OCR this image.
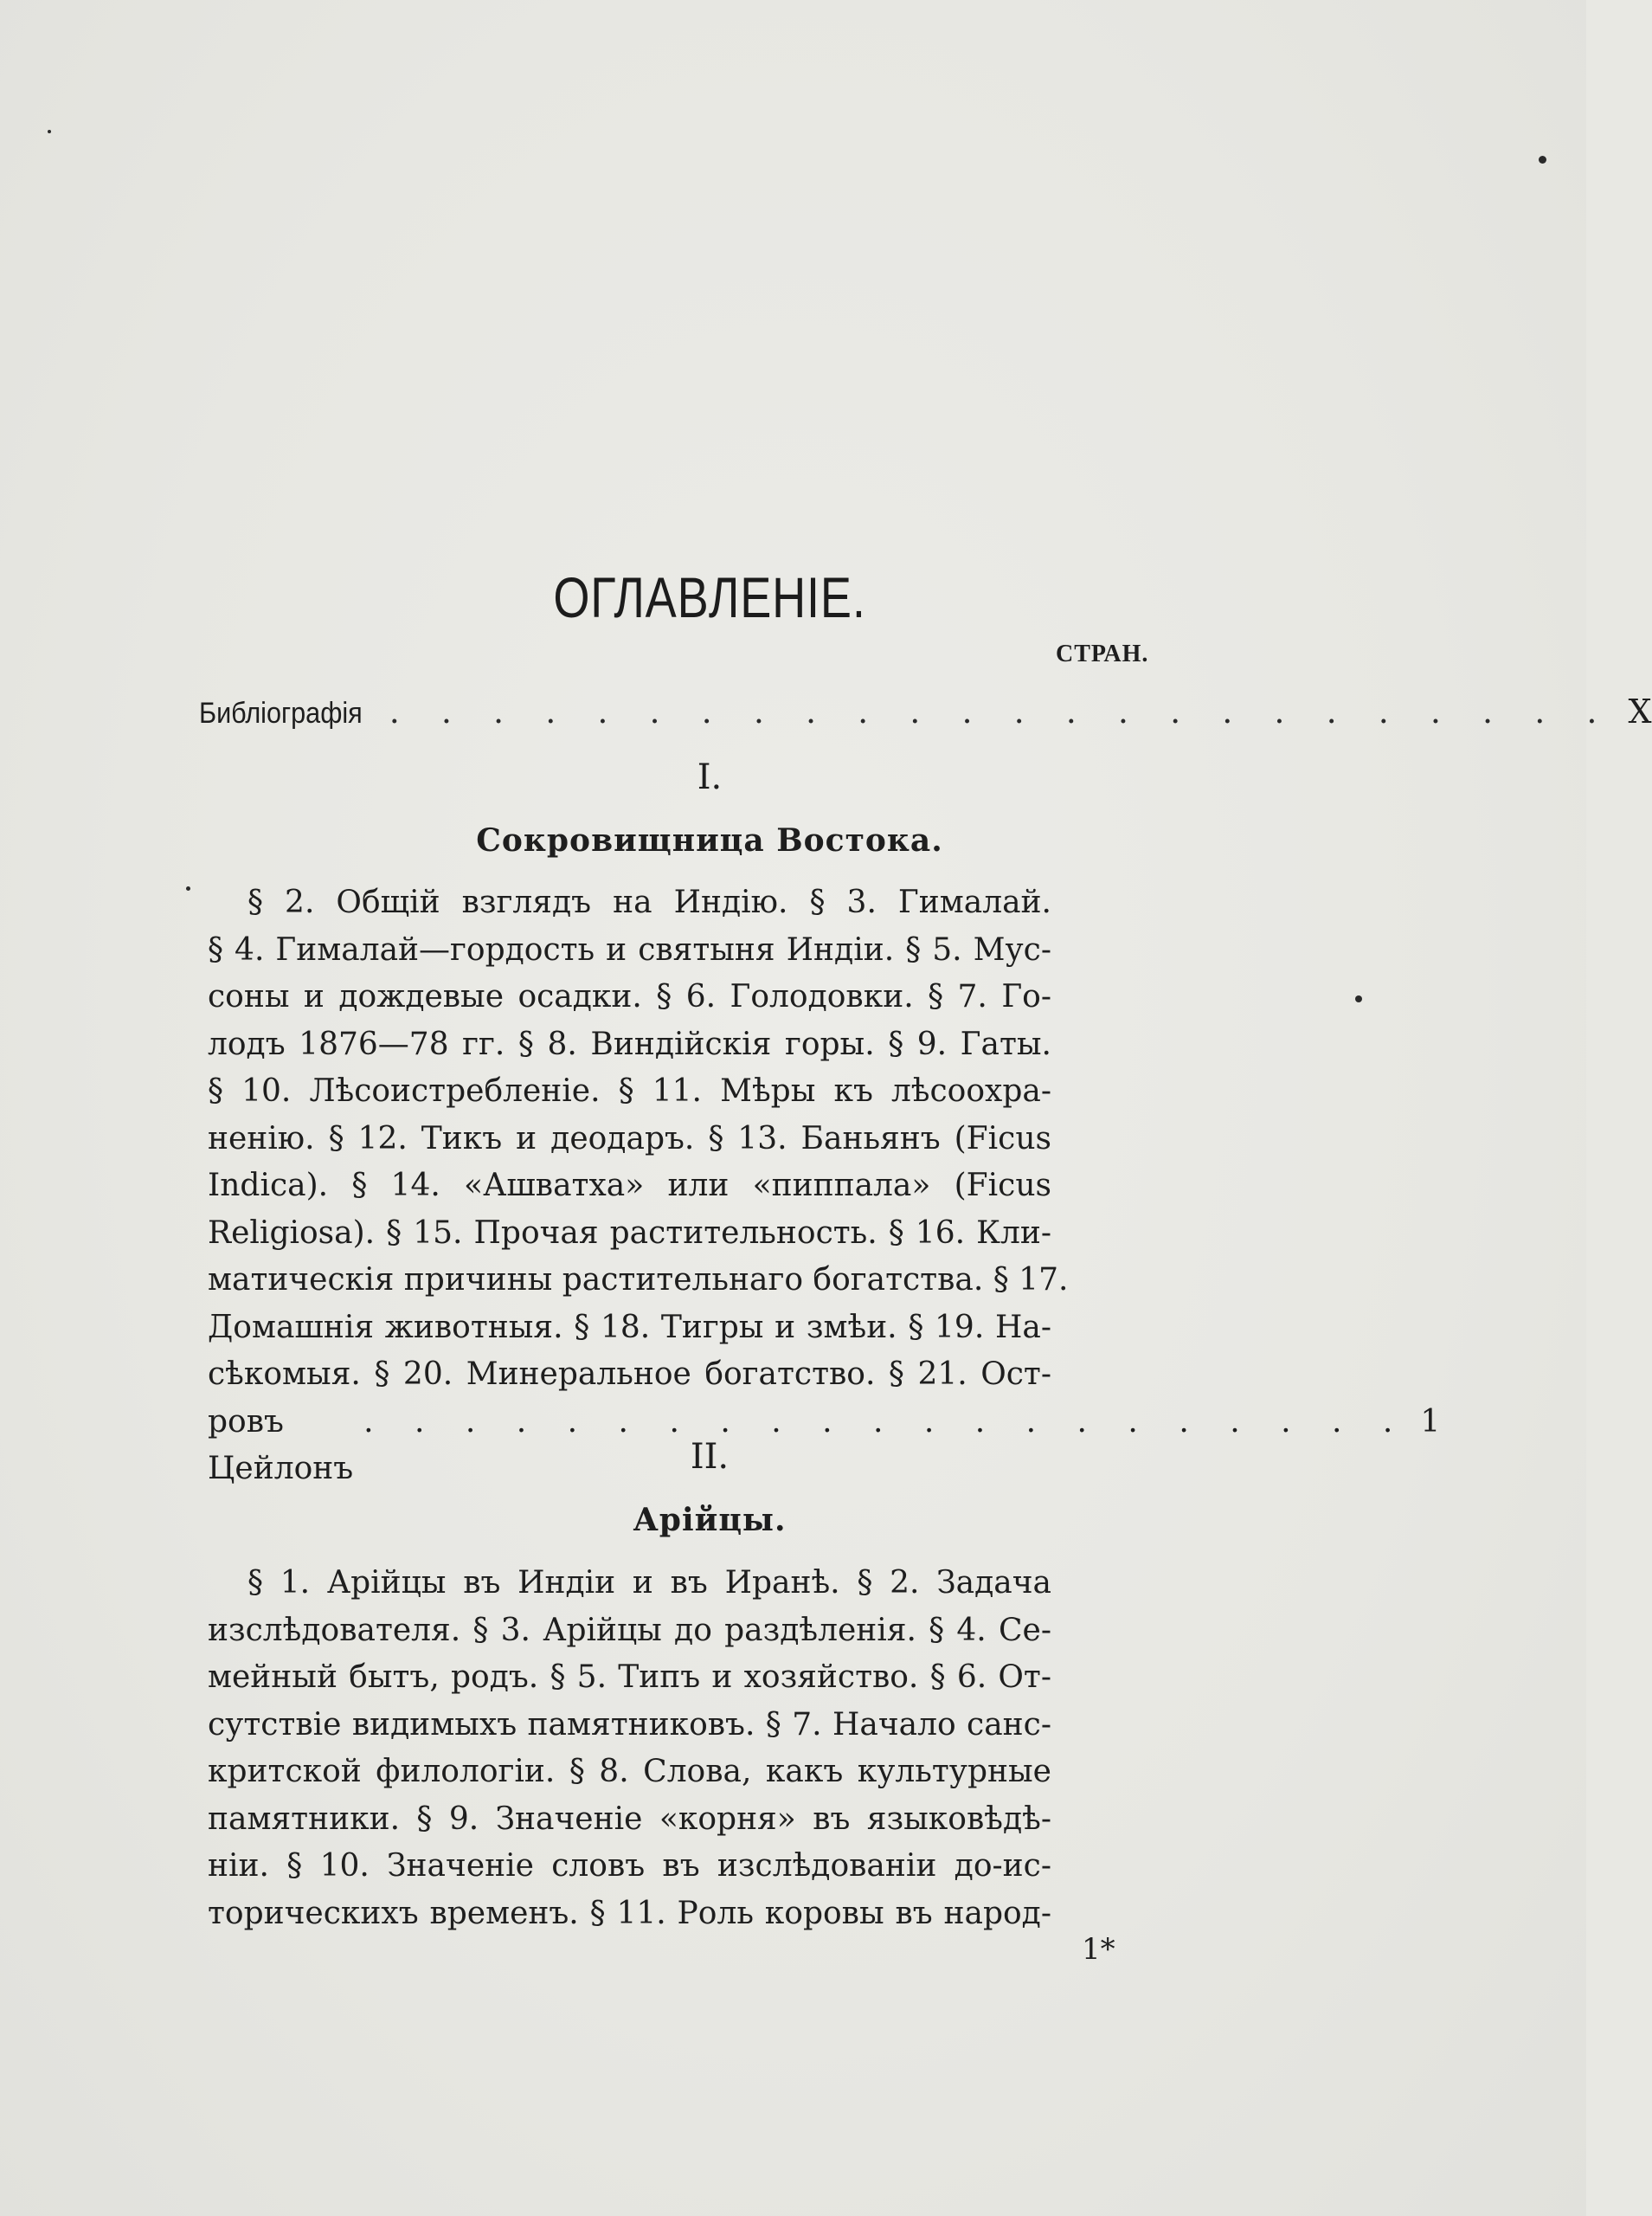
ОГЛАВЛЕНІЕ.
СТРАН.
Библіографія . . . . . . . . . . . . . . . . . . . . . . . . X
I.
Сокровищница Востока.
§ 2. Общій взглядъ на Индію. § 3. Гималай.
§ 4. Гималай—гордость и святыня Индіи. § 5. Мус-
соны и дождевые осадки. § 6. Голодовки. § 7. Го-
лодъ 1876—78 гг. § 8. Виндійскія горы. § 9. Гаты.
§ 10. Лѣсоистребленіе. § 11. Мѣры къ лѣсоохра-
ненію. § 12. Тикъ и деодаръ. § 13. Баньянъ (Ficus
Indica). § 14. «Ашватха» или «пиппала» (Ficus
Religiosa). § 15. Прочая растительность. § 16. Кли-
матическія причины растительнаго богатства. § 17.
Домашнія животныя. § 18. Тигры и змѣи. § 19. На-
сѣкомыя. § 20. Минеральное богатство. § 21. Ост-
ровъ Цейлонъ
. . . . . . . . . . . . . . . . . . . . . 1
II.
Арійцы.
§ 1. Арійцы въ Индіи и въ Иранѣ. § 2. Задача
изслѣдователя. § 3. Арійцы до раздѣленія. § 4. Се-
мейный бытъ, родъ. § 5. Типъ и хозяйство. § 6. От-
сутствіе видимыхъ памятниковъ. § 7. Начало санс-
критской филологіи. § 8. Слова, какъ культурные
памятники. § 9. Значеніе «корня» въ языковѣдѣ-
ніи. § 10. Значеніе словъ въ изслѣдованіи до-ис-
торическихъ временъ. § 11. Роль коровы въ народ-
1*
